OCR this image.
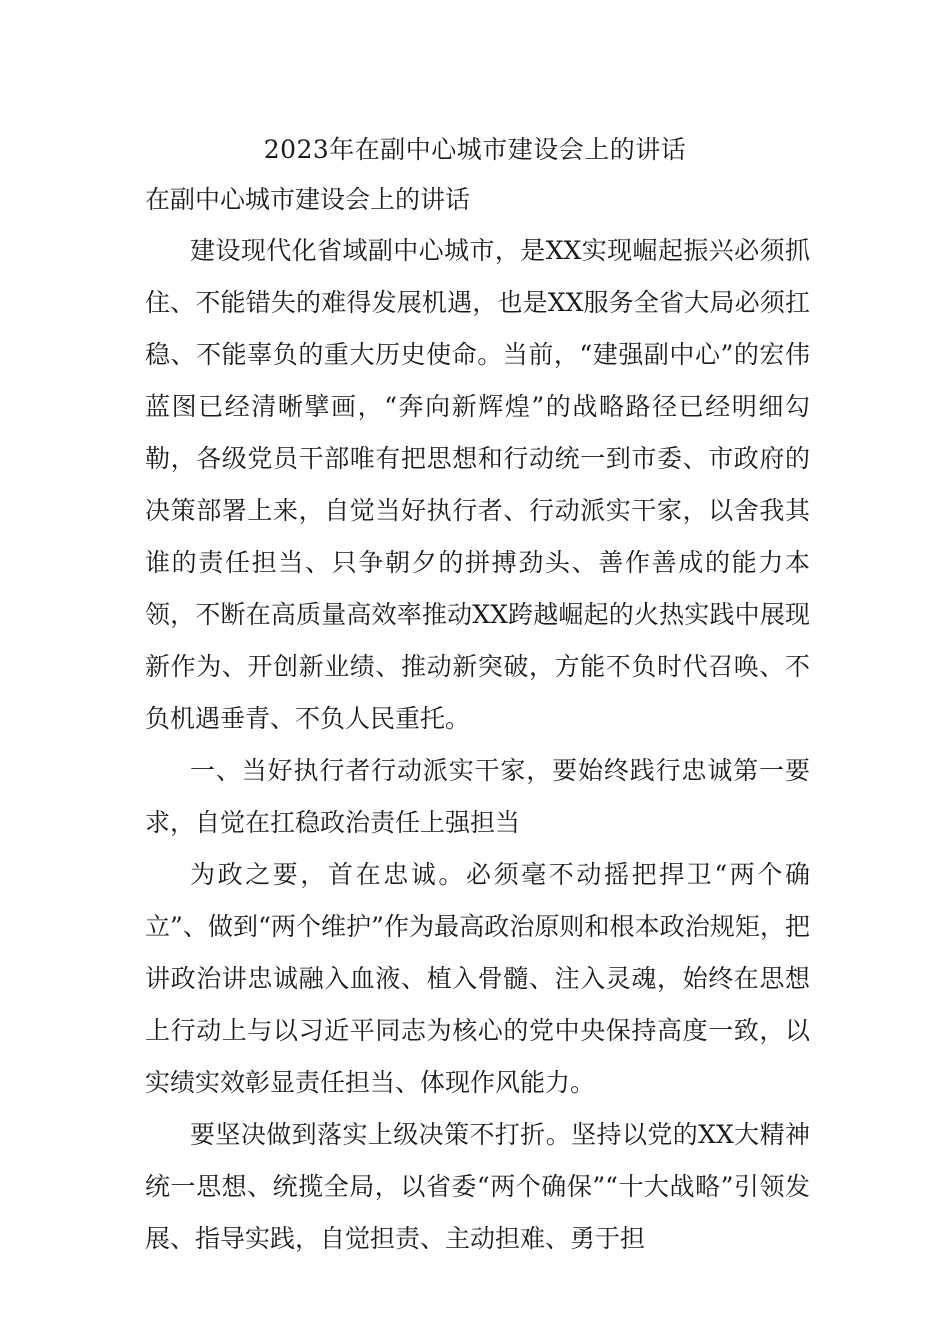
2023年在副中心城市建设会上的讲话

在副中心城市建设会上的讲话

建设现代化省域副中心城市，是XX实现崛起振兴必须抓住、不能错失的难得发展机遇，也是XX服务全省大局必须扛稳、不能辜负的重大历史使命。当前，“建强副中心”的宏伟蓝图已经清晰擘画，“奔向新辉煌”的战略路径已经明细勾勒，各级党员干部唯有把思想和行动统一到市委、市政府的决策部署上来，自觉当好执行者、行动派实干家，以舍我其谁的责任担当、只争朝夕的拼搏劲头、善作善成的能力本领，不断在高质量高效率推动XX跨越崛起的火热实践中展现新作为、开创新业绩、推动新突破，方能不负时代召唤、不负机遇垂青、不负人民重托。

一、当好执行者行动派实干家，要始终践行忠诚第一要求，自觉在扛稳政治责任上强担当

为政之要，首在忠诚。必须毫不动摇把捍卫“两个确立”、做到“两个维护”作为最高政治原则和根本政治规矩，把讲政治讲忠诚融入血液、植入骨髓、注入灵魂，始终在思想上行动上与以习近平同志为核心的党中央保持高度一致，以实绩实效彰显责任担当、体现作风能力。

要坚决做到落实上级决策不打折。坚持以党的XX大精神统一思想、统揽全局，以省委“两个确保”“十大战略”引领发展、指导实践，自觉担责、主动担难、勇于担
